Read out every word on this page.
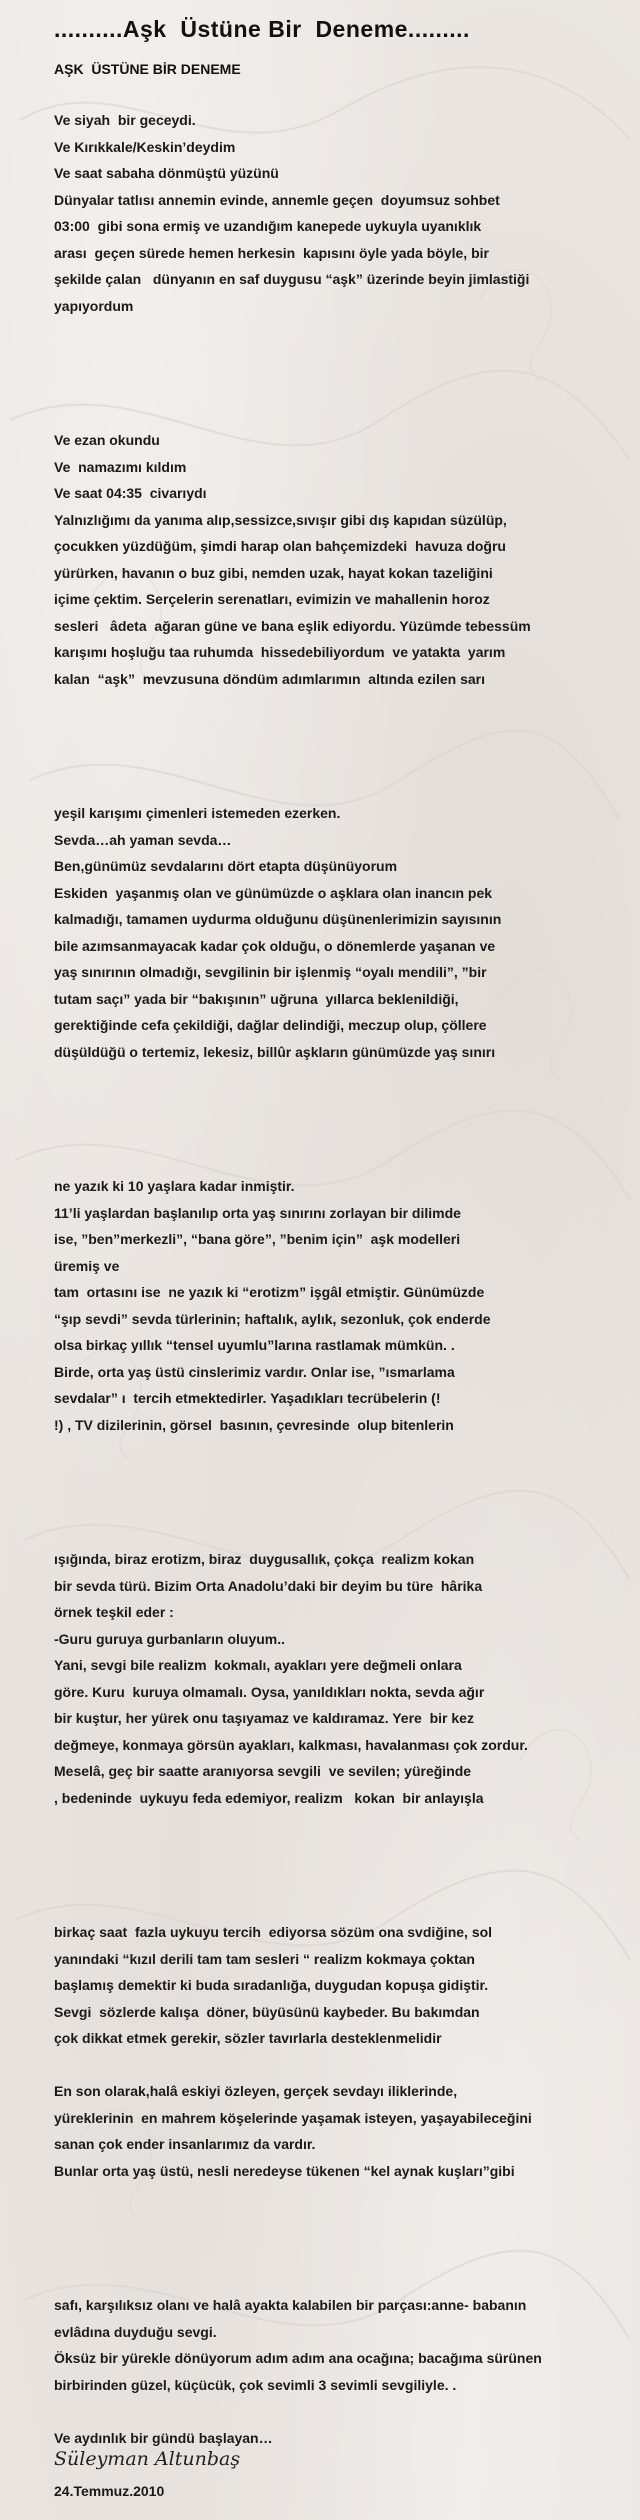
..........Aşk  Üstüne Bir  Deneme.........
AŞK  ÜSTÜNE BİR DENEME
Ve siyah  bir geceydi.
Ve Kırıkkale/Keskin’deydim
Ve saat sabaha dönmüştü yüzünü
Dünyalar tatlısı annemin evinde, annemle geçen  doyumsuz sohbet
03:00  gibi sona ermiş ve uzandığım kanepede uykuyla uyanıklık
arası  geçen sürede hemen herkesin  kapısını öyle yada böyle, bir
şekilde çalan   dünyanın en saf duygusu “aşk” üzerinde beyin jimlastiği
yapıyordum
Ve ezan okundu
Ve  namazımı kıldım
Ve saat 04:35  civarıydı
Yalnızlığımı da yanıma alıp,sessizce,sıvışır gibi dış kapıdan süzülüp,
çocukken yüzdüğüm, şimdi harap olan bahçemizdeki  havuza doğru
yürürken, havanın o buz gibi, nemden uzak, hayat kokan tazeliğini
içime çektim. Serçelerin serenatları, evimizin ve mahallenin horoz
sesleri   âdeta  ağaran güne ve bana eşlik ediyordu. Yüzümde tebessüm
karışımı hoşluğu taa ruhumda  hissedebiliyordum  ve yatakta  yarım
kalan  “aşk”  mevzusuna döndüm adımlarımın  altında ezilen sarı
yeşil karışımı çimenleri istemeden ezerken.
Sevda…ah yaman sevda…
Ben,günümüz sevdalarını dört etapta düşünüyorum
Eskiden  yaşanmış olan ve günümüzde o aşklara olan inancın pek
kalmadığı, tamamen uydurma olduğunu düşünenlerimizin sayısının
bile azımsanmayacak kadar çok olduğu, o dönemlerde yaşanan ve
yaş sınırının olmadığı, sevgilinin bir işlenmiş “oyalı mendili”, ”bir
tutam saçı” yada bir “bakışının” uğruna  yıllarca beklenildiği,
gerektiğinde cefa çekildiği, dağlar delindiği, meczup olup, çöllere
düşüldüğü o tertemiz, lekesiz, billûr aşkların günümüzde yaş sınırı
ne yazık ki 10 yaşlara kadar inmiştir.
11’li yaşlardan başlanılıp orta yaş sınırını zorlayan bir dilimde
ise, ”ben”merkezli”, “bana göre”, ”benim için”  aşk modelleri
üremiş ve
tam  ortasını ise  ne yazık ki “erotizm” işgâl etmiştir. Günümüzde
“şıp sevdi” sevda türlerinin; haftalık, aylık, sezonluk, çok enderde
olsa birkaç yıllık “tensel uyumlu”larına rastlamak mümkün. .
Birde, orta yaş üstü cinslerimiz vardır. Onlar ise, ”ısmarlama
sevdalar” ı  tercih etmektedirler. Yaşadıkları tecrübelerin (!
!) , TV dizilerinin, görsel  basının, çevresinde  olup bitenlerin
ışığında, biraz erotizm, biraz  duygusallık, çokça  realizm kokan
bir sevda türü. Bizim Orta Anadolu’daki bir deyim bu türe  hârika
örnek teşkil eder :
-Guru guruya gurbanların oluyum..
Yani, sevgi bile realizm  kokmalı, ayakları yere değmeli onlara
göre. Kuru  kuruya olmamalı. Oysa, yanıldıkları nokta, sevda ağır
bir kuştur, her yürek onu taşıyamaz ve kaldıramaz. Yere  bir kez
değmeye, konmaya görsün ayakları, kalkması, havalanması çok zordur.
Meselâ, geç bir saatte aranıyorsa sevgili  ve sevilen; yüreğinde
, bedeninde  uykuyu feda edemiyor, realizm   kokan  bir anlayışla
birkaç saat  fazla uykuyu tercih  ediyorsa sözüm ona svdiğine, sol
yanındaki “kızıl derili tam tam sesleri “ realizm kokmaya çoktan
başlamış demektir ki buda sıradanlığa, duygudan kopuşa gidiştir.
Sevgi  sözlerde kalışa  döner, büyüsünü kaybeder. Bu bakımdan
çok dikkat etmek gerekir, sözler tavırlarla desteklenmelidir
En son olarak,halâ eskiyi özleyen, gerçek sevdayı iliklerinde,
yüreklerinin  en mahrem köşelerinde yaşamak isteyen, yaşayabileceğini
sanan çok ender insanlarımız da vardır.
Bunlar orta yaş üstü, nesli neredeyse tükenen “kel aynak kuşları”gibi
safı, karşılıksız olanı ve halâ ayakta kalabilen bir parçası:anne- babanın
evlâdına duyduğu sevgi.
Öksüz bir yürekle dönüyorum adım adım ana ocağına; bacağıma sürünen
birbirinden güzel, küçücük, çok sevimli 3 sevimli sevgiliyle. .
Ve aydınlık bir gündü başlayan…
24.Temmuz.2010
Süleyman Altunbaş
